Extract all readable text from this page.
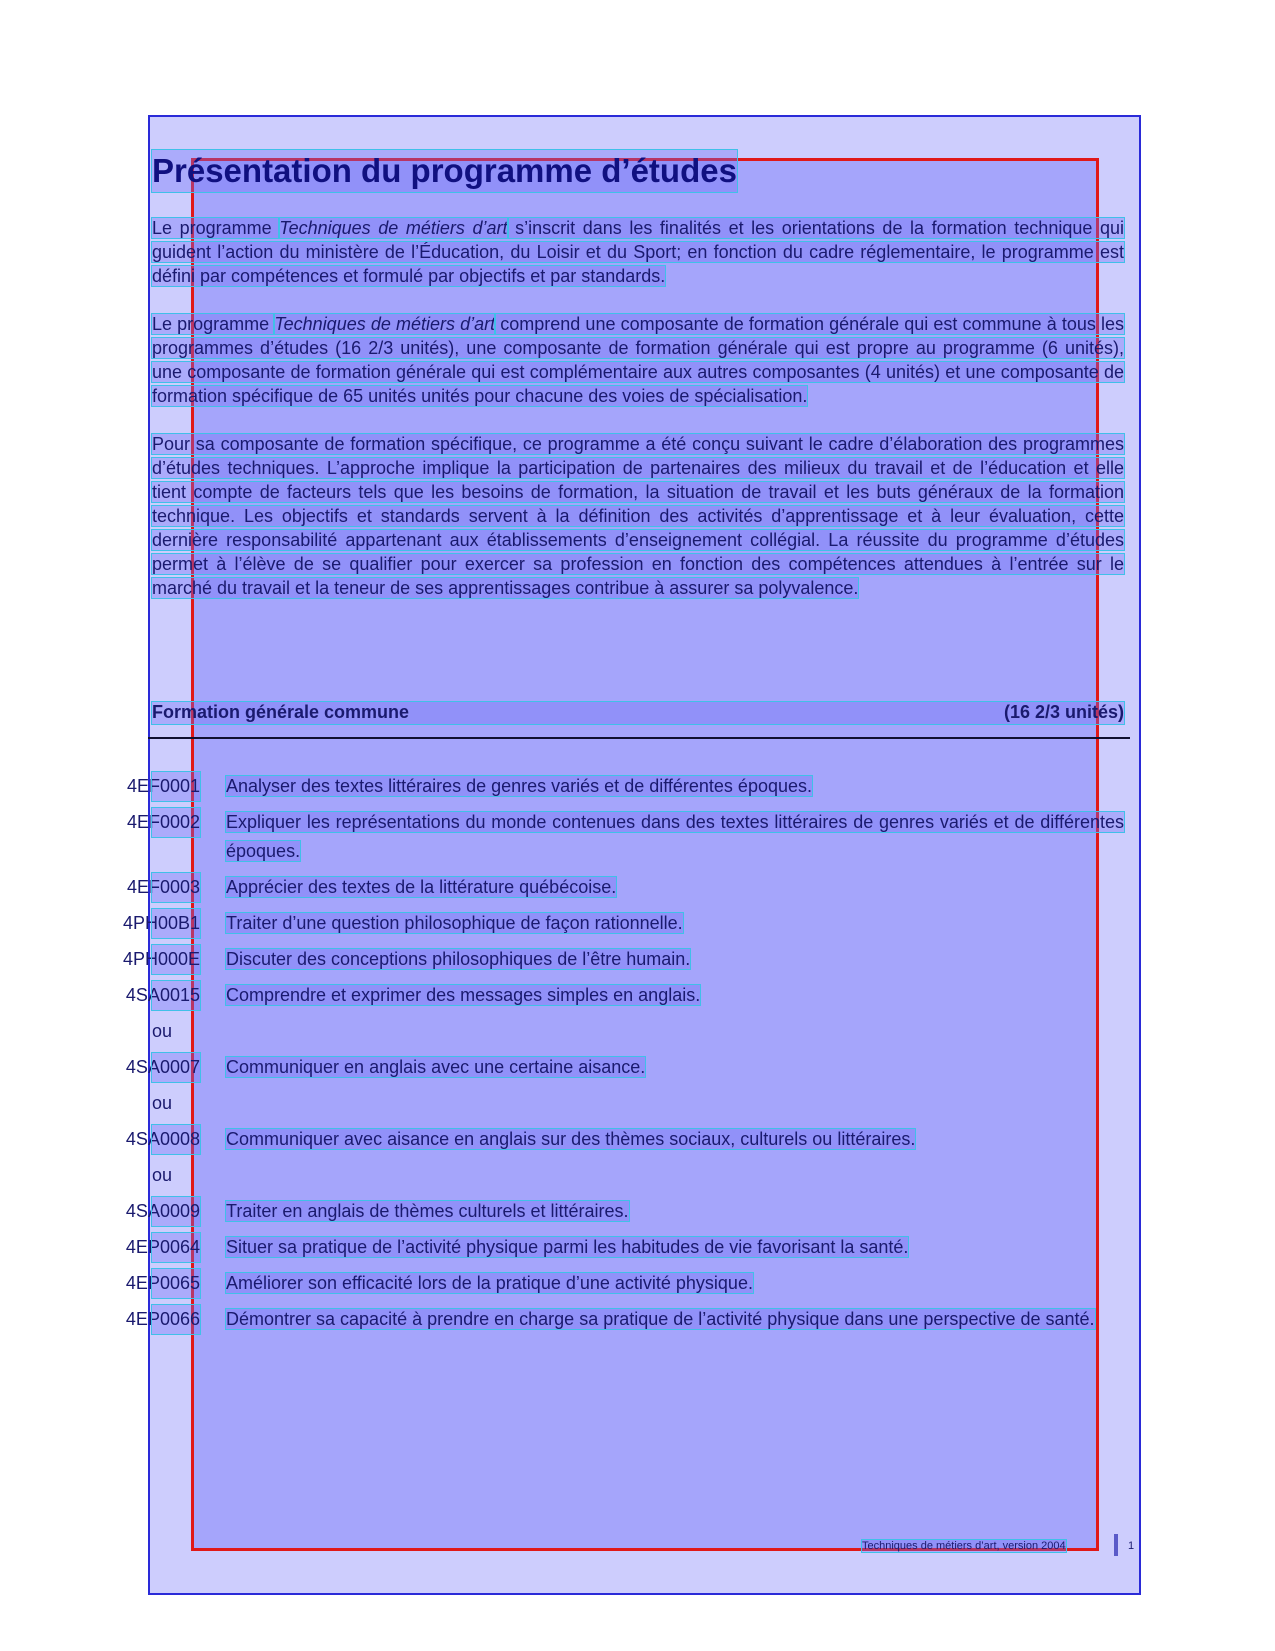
Présentation du programme d’études

Le programme Techniques de métiers d’art s’inscrit dans les finalités et les orientations de la formation technique qui guident l’action du ministère de l’Éducation, du Loisir et du Sport; en fonction du cadre réglementaire, le programme est défini par compétences et formulé par objectifs et par standards.

Le programme Techniques de métiers d’art comprend une composante de formation générale qui est commune à tous les programmes d’études (16 2/3 unités), une composante de formation générale qui est propre au programme (6 unités), une composante de formation générale qui est complémentaire aux autres composantes (4 unités) et une composante de formation spécifique de 65 unités unités pour chacune des voies de spécialisation.

Pour sa composante de formation spécifique, ce programme a été conçu suivant le cadre d’élaboration des programmes d’études techniques. L’approche implique la participation de partenaires des milieux du travail et de l’éducation et elle tient compte de facteurs tels que les besoins de formation, la situation de travail et les buts généraux de la formation technique. Les objectifs et standards servent à la définition des activités d’apprentissage et à leur évaluation, cette dernière responsabilité appartenant aux établissements d’enseignement collégial. La réussite du programme d’études permet à l’élève de se qualifier pour exercer sa profession en fonction des compétences attendues à l’entrée sur le marché du travail et la teneur de ses apprentissages contribue à assurer sa polyvalence.

Formation générale commune	(16 2/3 unités)
4EF0001 Analyser des textes littéraires de genres variés et de différentes époques.
4EF0002 Expliquer les représentations du monde contenues dans des textes littéraires de genres variés et de différentes époques.
4EF0003 Apprécier des textes de la littérature québécoise.
4PH00B1 Traiter d’une question philosophique de façon rationnelle.
4PH000E Discuter des conceptions philosophiques de l’être humain.
4SA0015 Comprendre et exprimer des messages simples en anglais.
ou
4SA0007 Communiquer en anglais avec une certaine aisance.
ou
4SA0008 Communiquer avec aisance en anglais sur des thèmes sociaux, culturels ou littéraires.
ou
4SA0009 Traiter en anglais de thèmes culturels et littéraires.
4EP0064 Situer sa pratique de l’activité physique parmi les habitudes de vie favorisant la santé.
4EP0065 Améliorer son efficacité lors de la pratique d’une activité physique.
4EP0066 Démontrer sa capacité à prendre en charge sa pratique de l’activité physique dans une perspective de santé.
Techniques de métiers d’art, version 2004	1
